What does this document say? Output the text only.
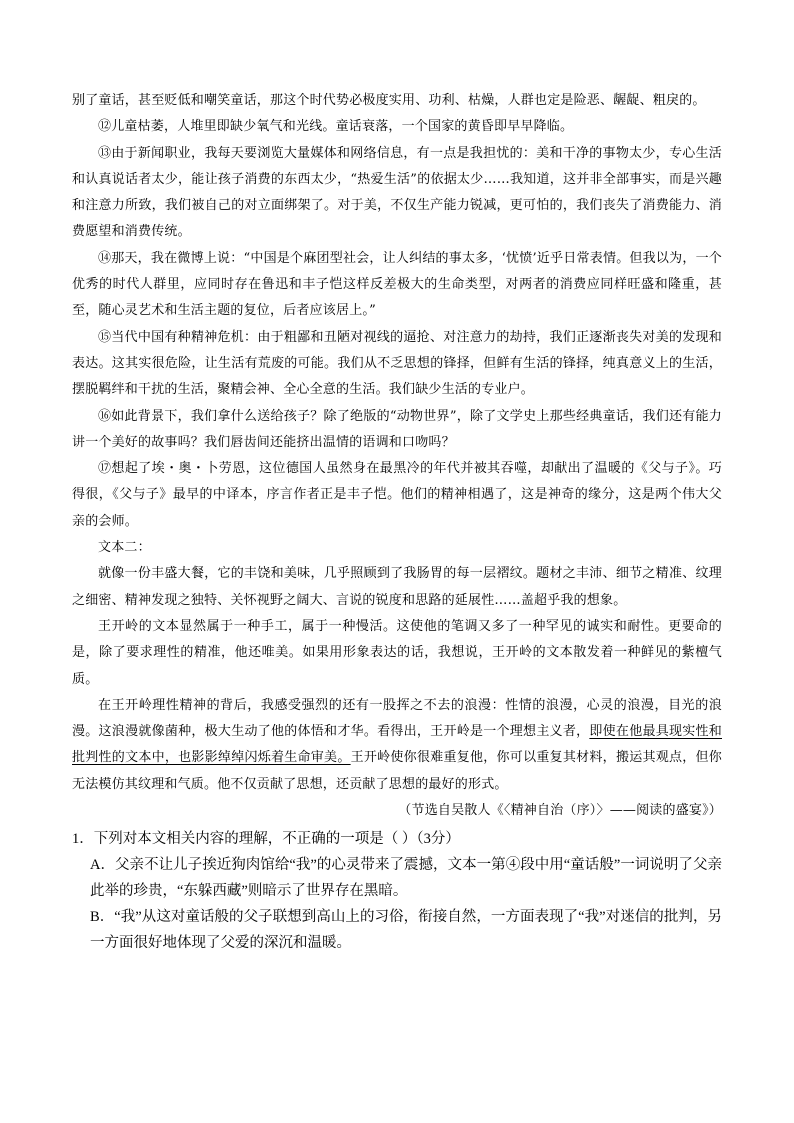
别了童话，甚至贬低和嘲笑童话，那这个时代势必极度实用、功利、枯燥，人群也定是险恶、龌龊、粗戾的。

⑫儿童枯萎，人堆里即缺少氧气和光线。童话衰落，一个国家的黄昏即早早降临。

⑬由于新闻职业，我每天要浏览大量媒体和网络信息，有一点是我担忧的：美和干净的事物太少，专心生活和认真说话者太少，能让孩子消费的东西太少，“热爱生活”的依据太少……我知道，这并非全部事实，而是兴趣和注意力所致，我们被自己的对立面绑架了。对于美，不仅生产能力锐减，更可怕的，我们丧失了消费能力、消费愿望和消费传统。

⑭那天，我在微博上说：“中国是个麻团型社会，让人纠结的事太多，‘忧愤’近乎日常表情。但我以为，一个优秀的时代人群里，应同时存在鲁迅和丰子恺这样反差极大的生命类型，对两者的消费应同样旺盛和隆重，甚至，随心灵艺术和生活主题的复位，后者应该居上。”

⑮当代中国有种精神危机：由于粗鄙和丑陋对视线的逼抢、对注意力的劫持，我们正逐渐丧失对美的发现和表达。这其实很危险，让生活有荒废的可能。我们从不乏思想的锋择，但鲜有生活的锋择，纯真意义上的生活，摆脱羁绊和干扰的生活，聚精会神、全心全意的生活。我们缺少生活的专业户。

⑯如此背景下，我们拿什么送给孩子？除了绝版的“动物世界”，除了文学史上那些经典童话，我们还有能力讲一个美好的故事吗？我们唇齿间还能挤出温情的语调和口吻吗？

⑰想起了埃・奥・卜劳恩，这位德国人虽然身在最黑冷的年代并被其吞噬，却献出了温暖的《父与子》。巧得很，《父与子》最早的中译本，序言作者正是丰子恺。他们的精神相遇了，这是神奇的缘分，这是两个伟大父亲的会师。

文本二：

就像一份丰盛大餐，它的丰饶和美味，几乎照顾到了我肠胃的每一层褶纹。题材之丰沛、细节之精准、纹理之细密、精神发现之独特、关怀视野之阔大、言说的锐度和思路的延展性……盖超乎我的想象。

王开岭的文本显然属于一种手工，属于一种慢活。这使他的笔调又多了一种罕见的诚实和耐性。更要命的是，除了要求理性的精准，他还唯美。如果用形象表达的话，我想说，王开岭的文本散发着一种鲜见的紫檀气质。

在王开岭理性精神的背后，我感受强烈的还有一股挥之不去的浪漫：性情的浪漫，心灵的浪漫，目光的浪漫。这浪漫就像菌种，极大生动了他的体悟和才华。看得出，王开岭是一个理想主义者，即使在他最具现实性和批判性的文本中，也影影绰绰闪烁着生命审美。王开岭使你很难重复他，你可以重复其材料，搬运其观点，但你无法模仿其纹理和气质。他不仅贡献了思想，还贡献了思想的最好的形式。

（节选自吴散人《〈精神自治（序）〉——阅读的盛宴》）

1．下列对本文相关内容的理解，不正确的一项是（ ）（3分）

A．父亲不让儿子挨近狗肉馆给“我”的心灵带来了震撼，文本一第④段中用“童话般”一词说明了父亲此举的珍贵，“东躲西藏”则暗示了世界存在黑暗。

B．“我”从这对童话般的父子联想到高山上的习俗，衔接自然，一方面表现了“我”对迷信的批判，另一方面很好地体现了父爱的深沉和温暖。
